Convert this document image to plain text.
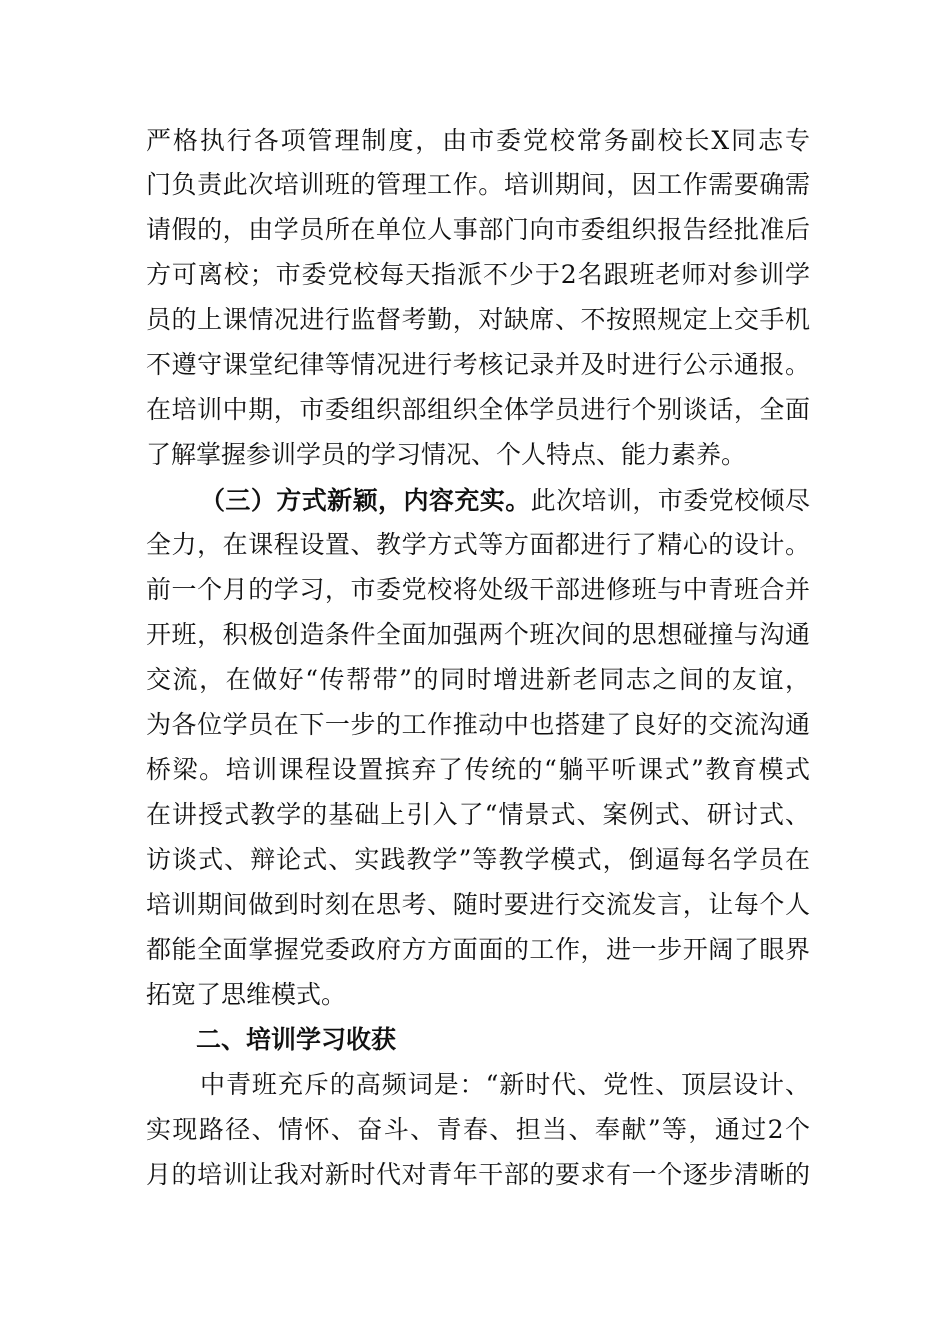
严格执行各项管理制度，由市委党校常务副校长X同志专
门负责此次培训班的管理工作。培训期间，因工作需要确需
请假的，由学员所在单位人事部门向市委组织报告经批准后
方可离校；市委党校每天指派不少于2名跟班老师对参训学
员的上课情况进行监督考勤，对缺席、不按照规定上交手机
不遵守课堂纪律等情况进行考核记录并及时进行公示通报。
在培训中期，市委组织部组织全体学员进行个别谈话，全面
了解掌握参训学员的学习情况、个人特点、能力素养。
（三）方式新颖，内容充实。此次培训，市委党校倾尽
全力，在课程设置、教学方式等方面都进行了精心的设计。
前一个月的学习，市委党校将处级干部进修班与中青班合并
开班，积极创造条件全面加强两个班次间的思想碰撞与沟通
交流，在做好“传帮带”的同时增进新老同志之间的友谊，
为各位学员在下一步的工作推动中也搭建了良好的交流沟通
桥梁。培训课程设置摈弃了传统的“躺平听课式”教育模式
在讲授式教学的基础上引入了“情景式、案例式、研讨式、
访谈式、辩论式、实践教学”等教学模式，倒逼每名学员在
培训期间做到时刻在思考、随时要进行交流发言，让每个人
都能全面掌握党委政府方方面面的工作，进一步开阔了眼界
拓宽了思维模式。
二、培训学习收获
中青班充斥的高频词是：“新时代、党性、顶层设计、
实现路径、情怀、奋斗、青春、担当、奉献”等，通过2个
月的培训让我对新时代对青年干部的要求有一个逐步清晰的
